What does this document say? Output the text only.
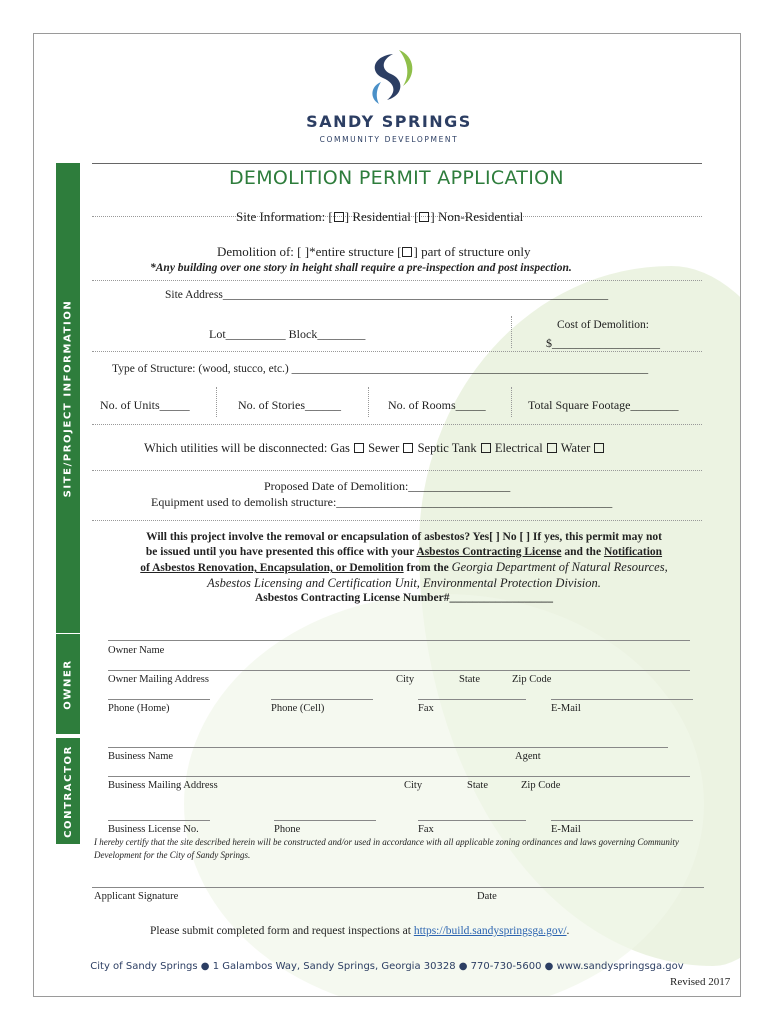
SANDY SPRINGS
COMMUNITY DEVELOPMENT
SITE/PROJECT INFORMATION
OWNER
CONTRACTOR
DEMOLITION PERMIT APPLICATION
Site Information: [ ] Residential [ ] Non-Residential
Demolition of: [ ]*entire structure [ ] part of structure only
*Any building over one story in height shall require a pre-inspection and post inspection.
Site Address___________________________________________________________________
Lot__________ Block________
Cost of Demolition:
$__________________
Type of Structure: (wood, stucco, etc.) ______________________________________________________________
No. of Units_____	No. of Stories______	No. of Rooms_____	Total Square Footage________
Which utilities will be disconnected: Gas Sewer Septic Tank Electrical Water
Proposed Date of Demolition:_________________
Equipment used to demolish structure:______________________________________________
Will this project involve the removal or encapsulation of asbestos? Yes[ ] No [ ] If yes, this permit may not
be issued until you have presented this office with your Asbestos Contracting License and the Notification
of Asbestos Renovation, Encapsulation, or Demolition from the Georgia Department of Natural Resources,
Asbestos Licensing and Certification Unit, Environmental Protection Division.
Asbestos Contracting License Number#__________________
Owner Name
Owner Mailing Address	City	State	Zip Code
Phone (Home)	Phone (Cell)	Fax	E-Mail
Business Name	Agent
Business Mailing Address	City	State	Zip Code
Business License No.	Phone	Fax	E-Mail
I hereby certify that the site described herein will be constructed and/or used in accordance with all applicable zoning ordinances and laws governing Community Development for the City of Sandy Springs.
Applicant Signature	Date
Please submit completed form and request inspections at https://build.sandyspringsga.gov/.
City of Sandy Springs ● 1 Galambos Way, Sandy Springs, Georgia 30328 ● 770-730-5600 ● www.sandyspringsga.gov
Revised 2017
